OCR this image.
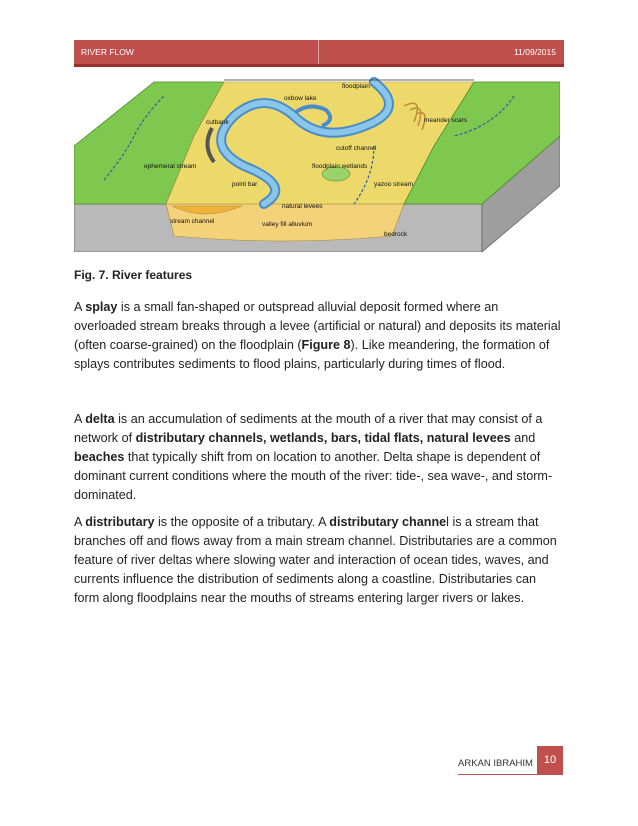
RIVER FLOW	11/09/2015
floodplain
oxbow lake
meander scars
cutbank
cutoff channel
ephemeral stream	floodplain wetlands
point bar	yazoo stream
natural levees
stream channel	valley fill alluvium
bedrock

Fig. 7. River features

A splay is a small fan-shaped or outspread alluvial deposit formed where an overloaded stream breaks through a levee (artificial or natural) and deposits its material (often coarse-grained) on the floodplain (Figure 8). Like meandering, the formation of splays contributes sediments to flood plains, particularly during times of flood.

A delta is an accumulation of sediments at the mouth of a river that may consist of a network of distributary channels, wetlands, bars, tidal flats, natural levees and beaches that typically shift from on location to another. Delta shape is dependent of dominant current conditions where the mouth of the river: tide-, sea wave-, and storm-dominated.

A distributary is the opposite of a tributary. A distributary channel is a stream that branches off and flows away from a main stream channel. Distributaries are a common feature of river deltas where slowing water and interaction of ocean tides, waves, and currents influence the distribution of sediments along a coastline. Distributaries can form along floodplains near the mouths of streams entering larger rivers or lakes.

ARKAN IBRAHIM 10
